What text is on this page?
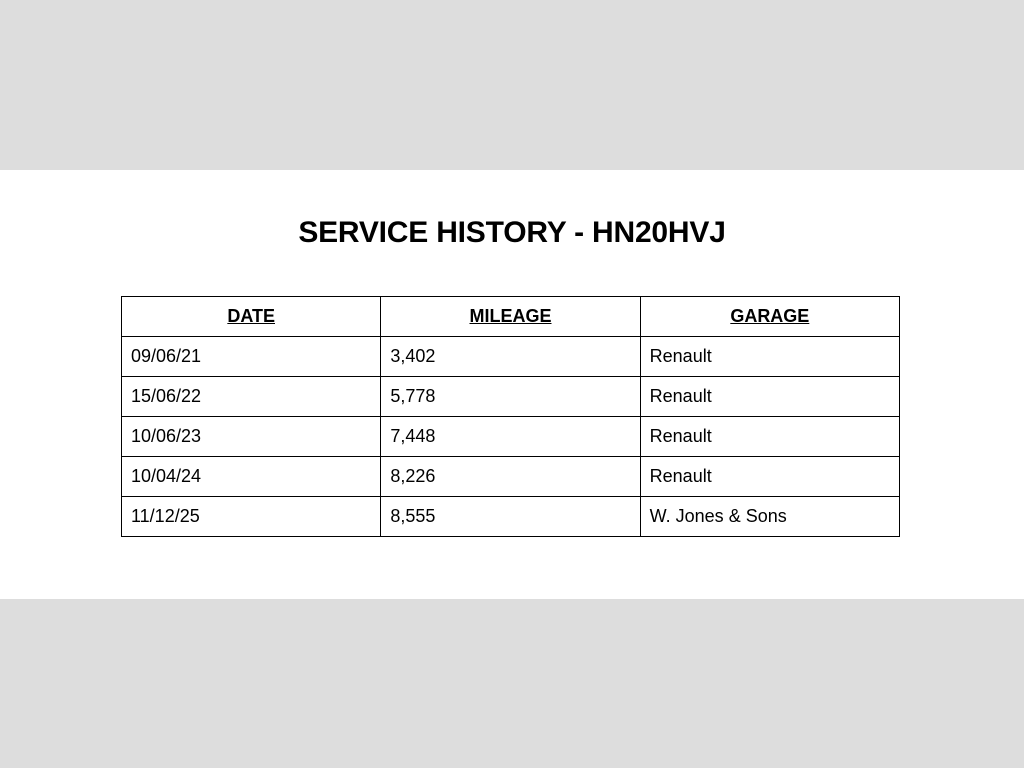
SERVICE HISTORY - HN20HVJ
DATE	MILEAGE	GARAGE
09/06/21	3,402	Renault
15/06/22	5,778	Renault
10/06/23	7,448	Renault
10/04/24	8,226	Renault
11/12/25	8,555	W. Jones & Sons
